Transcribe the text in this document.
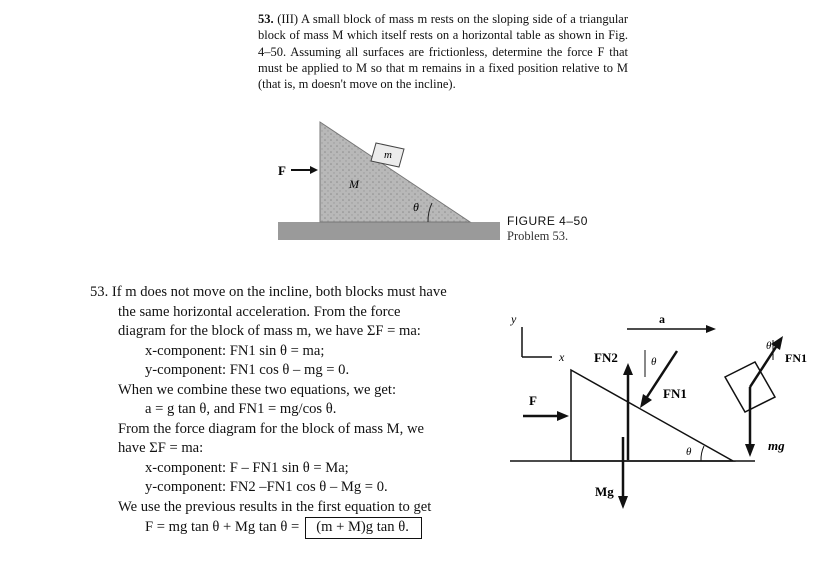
53. (III) A small block of mass m rests on the sloping side of a triangular block of mass M which itself rests on a horizontal table as shown in Fig. 4–50. Assuming all surfaces are frictionless, determine the force F that must be applied to M so that m remains in a fixed position relative to M (that is, m doesn't move on the incline).
F
M
m
θ
FIGURE 4–50
Problem 53.
53. If m does not move on the incline, both blocks must have
the same horizontal acceleration. From the force
diagram for the block of mass m, we have ΣF = ma:
x-component: FN1 sin θ = ma;
y-component: FN1 cos θ – mg = 0.
When we combine these two equations, we get:
a = g tan θ, and FN1 = mg/cos θ.
From the force diagram for the block of mass M, we
have ΣF = ma:
x-component: F – FN1 sin θ = Ma;
y-component: FN2 –FN1 cos θ – Mg = 0.
We use the previous results in the first equation to get
F = mg tan θ + Mg tan θ =	(m + M)g tan θ.
y
x
a
θ
F
FN2	θ
FN1
Mg
θ
FN1
mg
